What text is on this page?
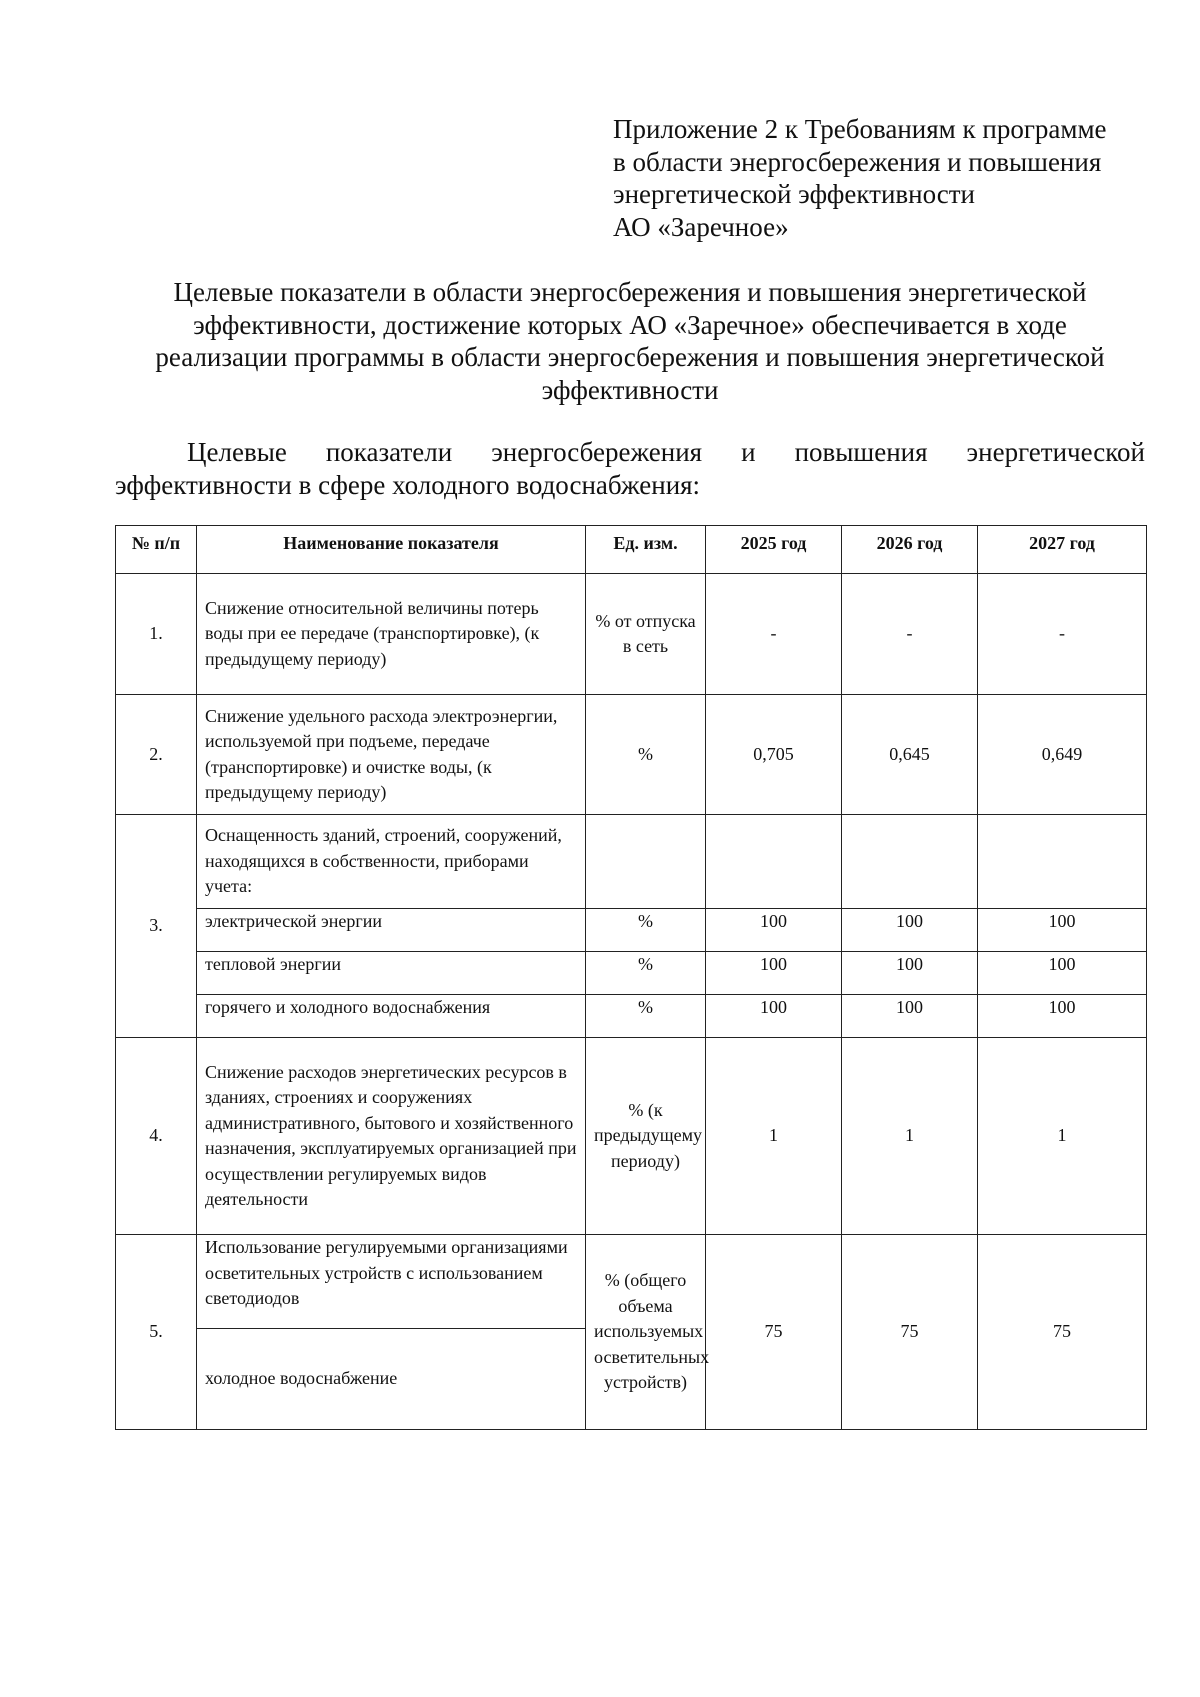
Приложение 2 к Требованиям к программе
в области энергосбережения и повышения
энергетической эффективности
АО «Заречное»
Целевые показатели в области энергосбережения и повышения энергетической
эффективности, достижение которых АО «Заречное» обеспечивается в ходе
реализации программы в области энергосбережения и повышения энергетической
эффективности
Целевые показатели энергосбережения и повышения энергетической
эффективности в сфере холодного водоснабжения:
№ п/п	Наименование показателя	Ед. изм.	2025 год	2026 год	2027 год
1.	Снижение относительной величины потерь воды при ее передаче (транспортировке), (к предыдущему периоду)	% от отпуска в сеть	-	-	-
2.	Снижение удельного расхода электроэнергии, используемой при подъеме, передаче (транспортировке) и очистке воды, (к предыдущему периоду)	%	0,705	0,645	0,649
3.	Оснащенность зданий, строений, сооружений, находящихся в собственности, приборами учета:				
	электрической энергии	%	100	100	100
	тепловой энергии	%	100	100	100
	горячего и холодного водоснабжения	%	100	100	100
4.	Снижение расходов энергетических ресурсов в зданиях, строениях и сооружениях административного, бытового и хозяйственного назначения, эксплуатируемых организацией при осуществлении регулируемых видов деятельности	% (к предыдущему периоду)	1	1	1
5.	Использование регулируемыми организациями осветительных устройств с использованием светодиодов	% (общего объема используемых осветительных устройств)	75	75	75
	холодное водоснабжение				
